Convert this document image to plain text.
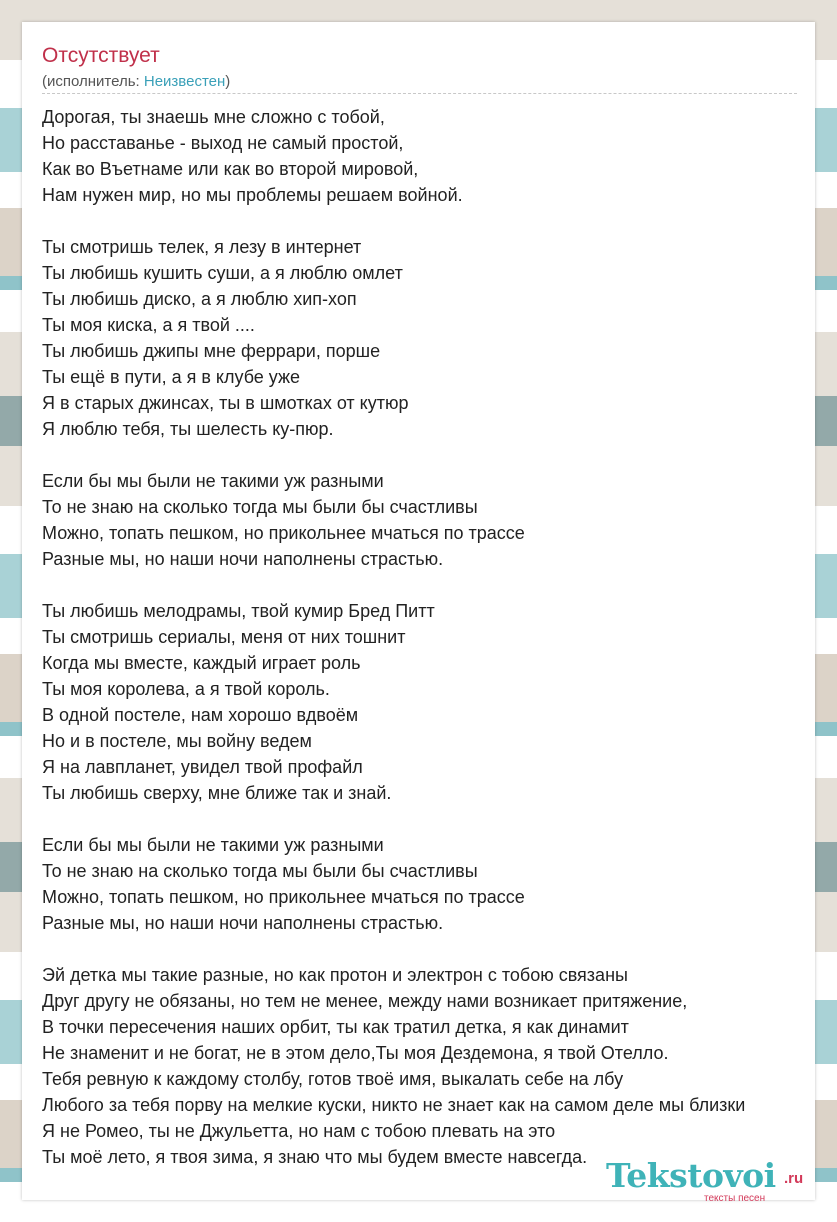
Отсутствует
(исполнитель: Неизвестен)
Дорогая, ты знаешь мне сложно с тобой,
Но расставанье - выход не самый простой,
Как во Въетнаме или как во второй мировой,
Нам нужен мир, но мы проблемы решаем войной.
Ты смотришь телек, я лезу в интернет
Ты любишь кушить суши, а я люблю омлет
Ты любишь диско, а я люблю хип-хоп
Ты моя киска, а я твой ....
Ты любишь джипы мне феррари, порше
Ты ещё в пути, а я в клубе уже
Я в старых джинсах, ты в шмотках от кутюр
Я люблю тебя, ты шелесть ку-пюр.
Если бы мы были не такими уж разными
То не знаю на сколько тогда мы были бы счастливы
Можно, топать пешком, но прикольнее мчаться по трассе
Разные мы, но наши ночи наполнены страстью.
Ты любишь мелодрамы, твой кумир Бред Питт
Ты смотришь сериалы, меня от них тошнит
Когда мы вместе, каждый играет роль
Ты моя королева, а я твой король.
В одной постеле, нам хорошо вдвоём
Но и в постеле, мы войну ведем
Я на лавпланет, увидел твой профайл
Ты любишь сверху, мне ближе так и знай.
Если бы мы были не такими уж разными
То не знаю на сколько тогда мы были бы счастливы
Можно, топать пешком, но прикольнее мчаться по трассе
Разные мы, но наши ночи наполнены страстью.
Эй детка мы такие разные, но как протон и электрон с тобою связаны
Друг другу не обязаны, но тем не менее, между нами возникает притяжение,
В точки пересечения наших орбит, ты как тратил детка, я как динамит
Не знаменит и не богат, не в этом дело,Ты моя Дездемона, я твой Отелло.
Тебя ревную к каждому столбу, готов твоё имя, выкалать себе на лбу
Любого за тебя порву на мелкие куски, никто не знает как на самом деле мы близки
Я не Ромео, ты не Джульетта, но нам с тобою плевать на это
Ты моё лето, я твоя зима, я знаю что мы будем вместе навсегда. Tekstovoi .ru
тексты песен
